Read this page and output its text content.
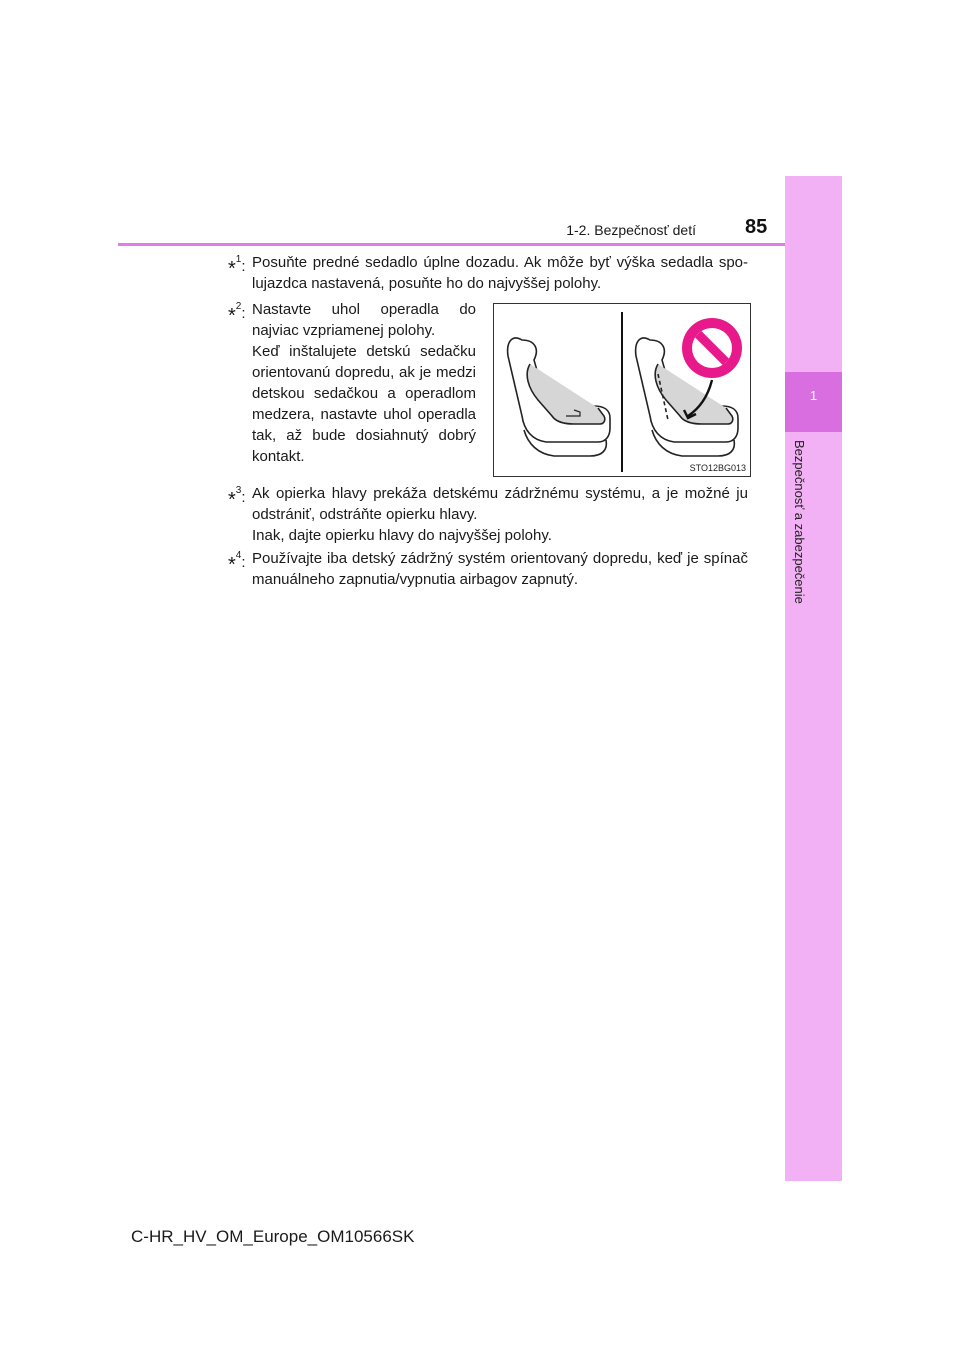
1
Bezpečnosť a zabezpečenie
1-2. Bezpečnosť detí 85
*$^1$: Posuňte predné sedadlo úplne dozadu. Ak môže byť výška sedadla spo- lujazdca nastavená, posuňte ho do najvyššej polohy.

*$^2$: Nastavte uhol operadla do najviac vzpriamenej polohy.

Keď inštalujete detskú sedačku orientovanú dopredu, ak je medzi detskou sedačkou a operadlom medzera, nastavte uhol operadla tak, až bude dosiahnutý dobrý kontakt.

STO12BG013
*$^3$: Ak opierka hlavy prekáža detskému zádržnému systému, a je možné ju odstrániť, odstráňte opierku hlavy.

Inak, dajte opierku hlavy do najvyššej polohy.

*$^4$: Používajte iba detský zádržný systém orientovaný dopredu, keď je spínač manuálneho zapnutia/vypnutia airbagov zapnutý.

C-HR_HV_OM_Europe_OM10566SK
